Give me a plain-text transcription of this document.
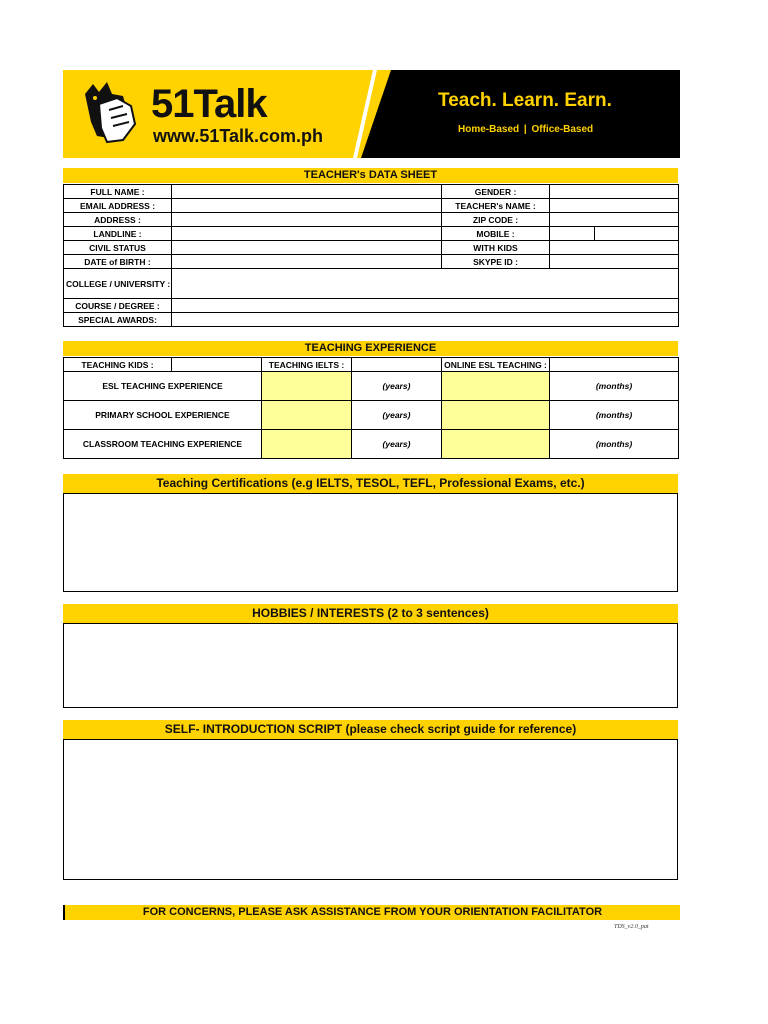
51Talk
www.51Talk.com.ph
Teach. Learn. Earn.
Home-Based | Office-Based
TEACHER's DATA SHEET
FULL NAME :		GENDER :		
EMAIL ADDRESS :		TEACHER's NAME :		
ADDRESS :		ZIP CODE :		
LANDLINE :		MOBILE :		
CIVIL STATUS		WITH KIDS		
DATE of BIRTH :		SKYPE ID :		
COLLEGE / UNIVERSITY :				
COURSE / DEGREE :				
SPECIAL AWARDS:				
TEACHING EXPERIENCE
TEACHING KIDS :		TEACHING IELTS :		ONLINE ESL TEACHING :	
ESL TEACHING EXPERIENCE			(years)		(months)
PRIMARY SCHOOL EXPERIENCE			(years)		(months)
CLASSROOM TEACHING EXPERIENCE			(years)		(months)
Teaching Certifications (e.g IELTS, TESOL, TEFL, Professional Exams, etc.)
HOBBIES / INTERESTS (2 to 3 sentences)
SELF- INTRODUCTION SCRIPT (please check script guide for reference)
FOR CONCERNS, PLEASE ASK ASSISTANCE FROM YOUR ORIENTATION FACILITATOR
TDS_v2.0_pat
